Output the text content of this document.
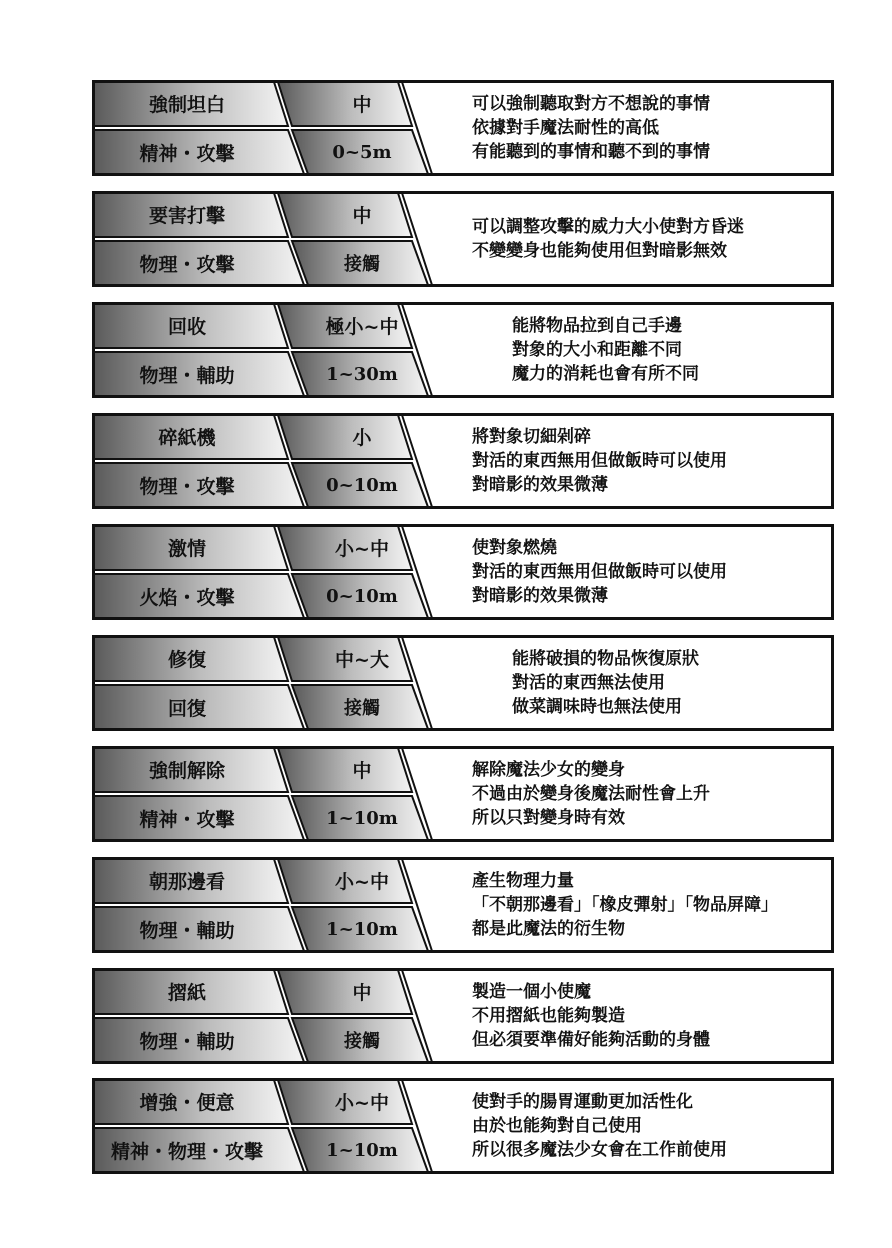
強制坦白
精神・攻擊
中
0~5m
可以強制聽取對方不想說的事情
依據對手魔法耐性的高低
有能聽到的事情和聽不到的事情
要害打擊
物理・攻擊
中
接觸
可以調整攻擊的威力大小使對方昏迷
不變變身也能夠使用但對暗影無效
回收
物理・輔助
極小~中
1~30m
能將物品拉到自己手邊
對象的大小和距離不同
魔力的消耗也會有所不同
碎紙機
物理・攻擊
小
0~10m
將對象切細剁碎
對活的東西無用但做飯時可以使用
對暗影的效果微薄
激情
火焰・攻擊
小~中
0~10m
使對象燃燒
對活的東西無用但做飯時可以使用
對暗影的效果微薄
修復
回復
中~大
接觸
能將破損的物品恢復原狀
對活的東西無法使用
做菜調味時也無法使用
強制解除
精神・攻擊
中
1~10m
解除魔法少女的變身
不過由於變身後魔法耐性會上升
所以只對變身時有效
朝那邊看
物理・輔助
小~中
1~10m
產生物理力量
「不朝那邊看」「橡皮彈射」「物品屏障」
都是此魔法的衍生物
摺紙
物理・輔助
中
接觸
製造一個小使魔
不用摺紙也能夠製造
但必須要準備好能夠活動的身體
增強・便意
精神・物理・攻擊
小~中
1~10m
使對手的腸胃運動更加活性化
由於也能夠對自己使用
所以很多魔法少女會在工作前使用
